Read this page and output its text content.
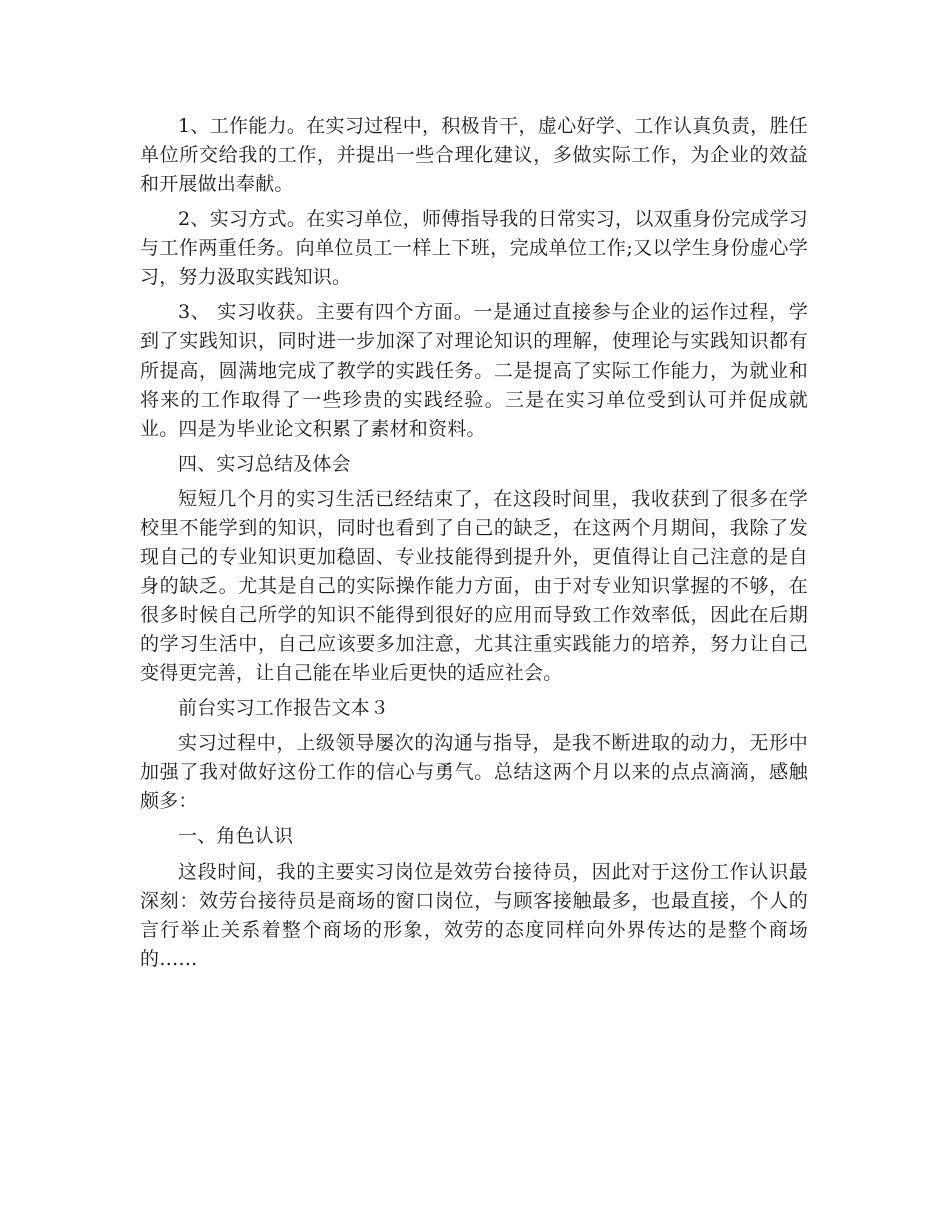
1、工作能力。在实习过程中，积极肯干，虚心好学、工作认真负责，胜任单位所交给我的工作，并提出一些合理化建议，多做实际工作，为企业的效益和开展做出奉献。

2、实习方式。在实习单位，师傅指导我的日常实习，以双重身份完成学习与工作两重任务。向单位员工一样上下班，完成单位工作;又以学生身份虚心学习，努力汲取实践知识。

3、 实习收获。主要有四个方面。一是通过直接参与企业的运作过程，学到了实践知识，同时进一步加深了对理论知识的理解，使理论与实践知识都有所提高，圆满地完成了教学的实践任务。二是提高了实际工作能力，为就业和将来的工作取得了一些珍贵的实践经验。三是在实习单位受到认可并促成就业。四是为毕业论文积累了素材和资料。

四、实习总结及体会

短短几个月的实习生活已经结束了，在这段时间里，我收获到了很多在学校里不能学到的知识，同时也看到了自己的缺乏，在这两个月期间，我除了发现自己的专业知识更加稳固、专业技能得到提升外，更值得让自己注意的是自身的缺乏。尤其是自己的实际操作能力方面，由于对专业知识掌握的不够，在很多时候自己所学的知识不能得到很好的应用而导致工作效率低，因此在后期的学习生活中，自己应该要多加注意，尤其注重实践能力的培养，努力让自己变得更完善，让自己能在毕业后更快的适应社会。

前台实习工作报告文本３

实习过程中，上级领导屡次的沟通与指导，是我不断进取的动力，无形中加强了我对做好这份工作的信心与勇气。总结这两个月以来的点点滴滴，感触颇多：

一、角色认识

这段时间，我的主要实习岗位是效劳台接待员，因此对于这份工作认识最深刻：效劳台接待员是商场的窗口岗位，与顾客接触最多，也最直接，个人的言行举止关系着整个商场的形象，效劳的态度同样向外界传达的是整个商场的……
